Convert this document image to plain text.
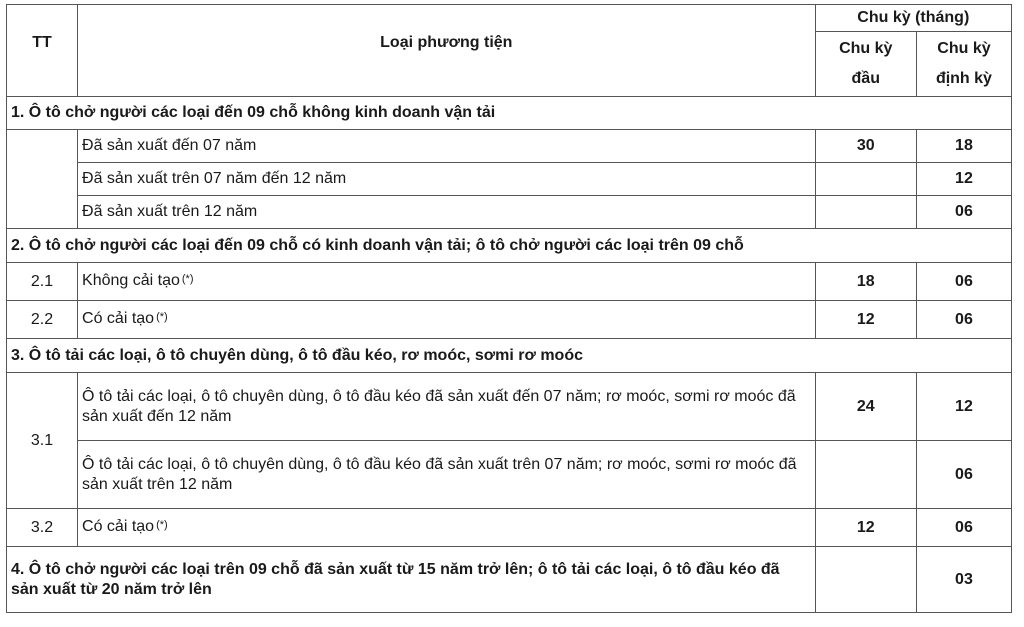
TT	Loại phương tiện	Chu kỳ (tháng)	
		Chu kỳ đầu	Chu kỳ định kỳ
1. Ô tô chở người các loại đến 09 chỗ không kinh doanh vận tải			
	Đã sản xuất đến 07 năm	30	18
	Đã sản xuất trên 07 năm đến 12 năm		12
	Đã sản xuất trên 12 năm		06
2. Ô tô chở người các loại đến 09 chỗ có kinh doanh vận tải; ô tô chở người các loại trên 09 chỗ			
2.1	Không cải tạo (*)	18	06
2.2	Có cải tạo (*)	12	06
3. Ô tô tải các loại, ô tô chuyên dùng, ô tô đầu kéo, rơ moóc, sơmi rơ moóc			
3.1	Ô tô tải các loại, ô tô chuyên dùng, ô tô đầu kéo đã sản xuất đến 07 năm; rơ moóc, sơmi rơ moóc đã sản xuất đến 12 năm	24	12
	Ô tô tải các loại, ô tô chuyên dùng, ô tô đầu kéo đã sản xuất trên 07 năm; rơ moóc, sơmi rơ moóc đã sản xuất trên 12 năm		06
3.2	Có cải tạo (*)	12	06
4. Ô tô chở người các loại trên 09 chỗ đã sản xuất từ 15 năm trở lên; ô tô tải các loại, ô tô đầu kéo đã sản xuất từ 20 năm trở lên			03
